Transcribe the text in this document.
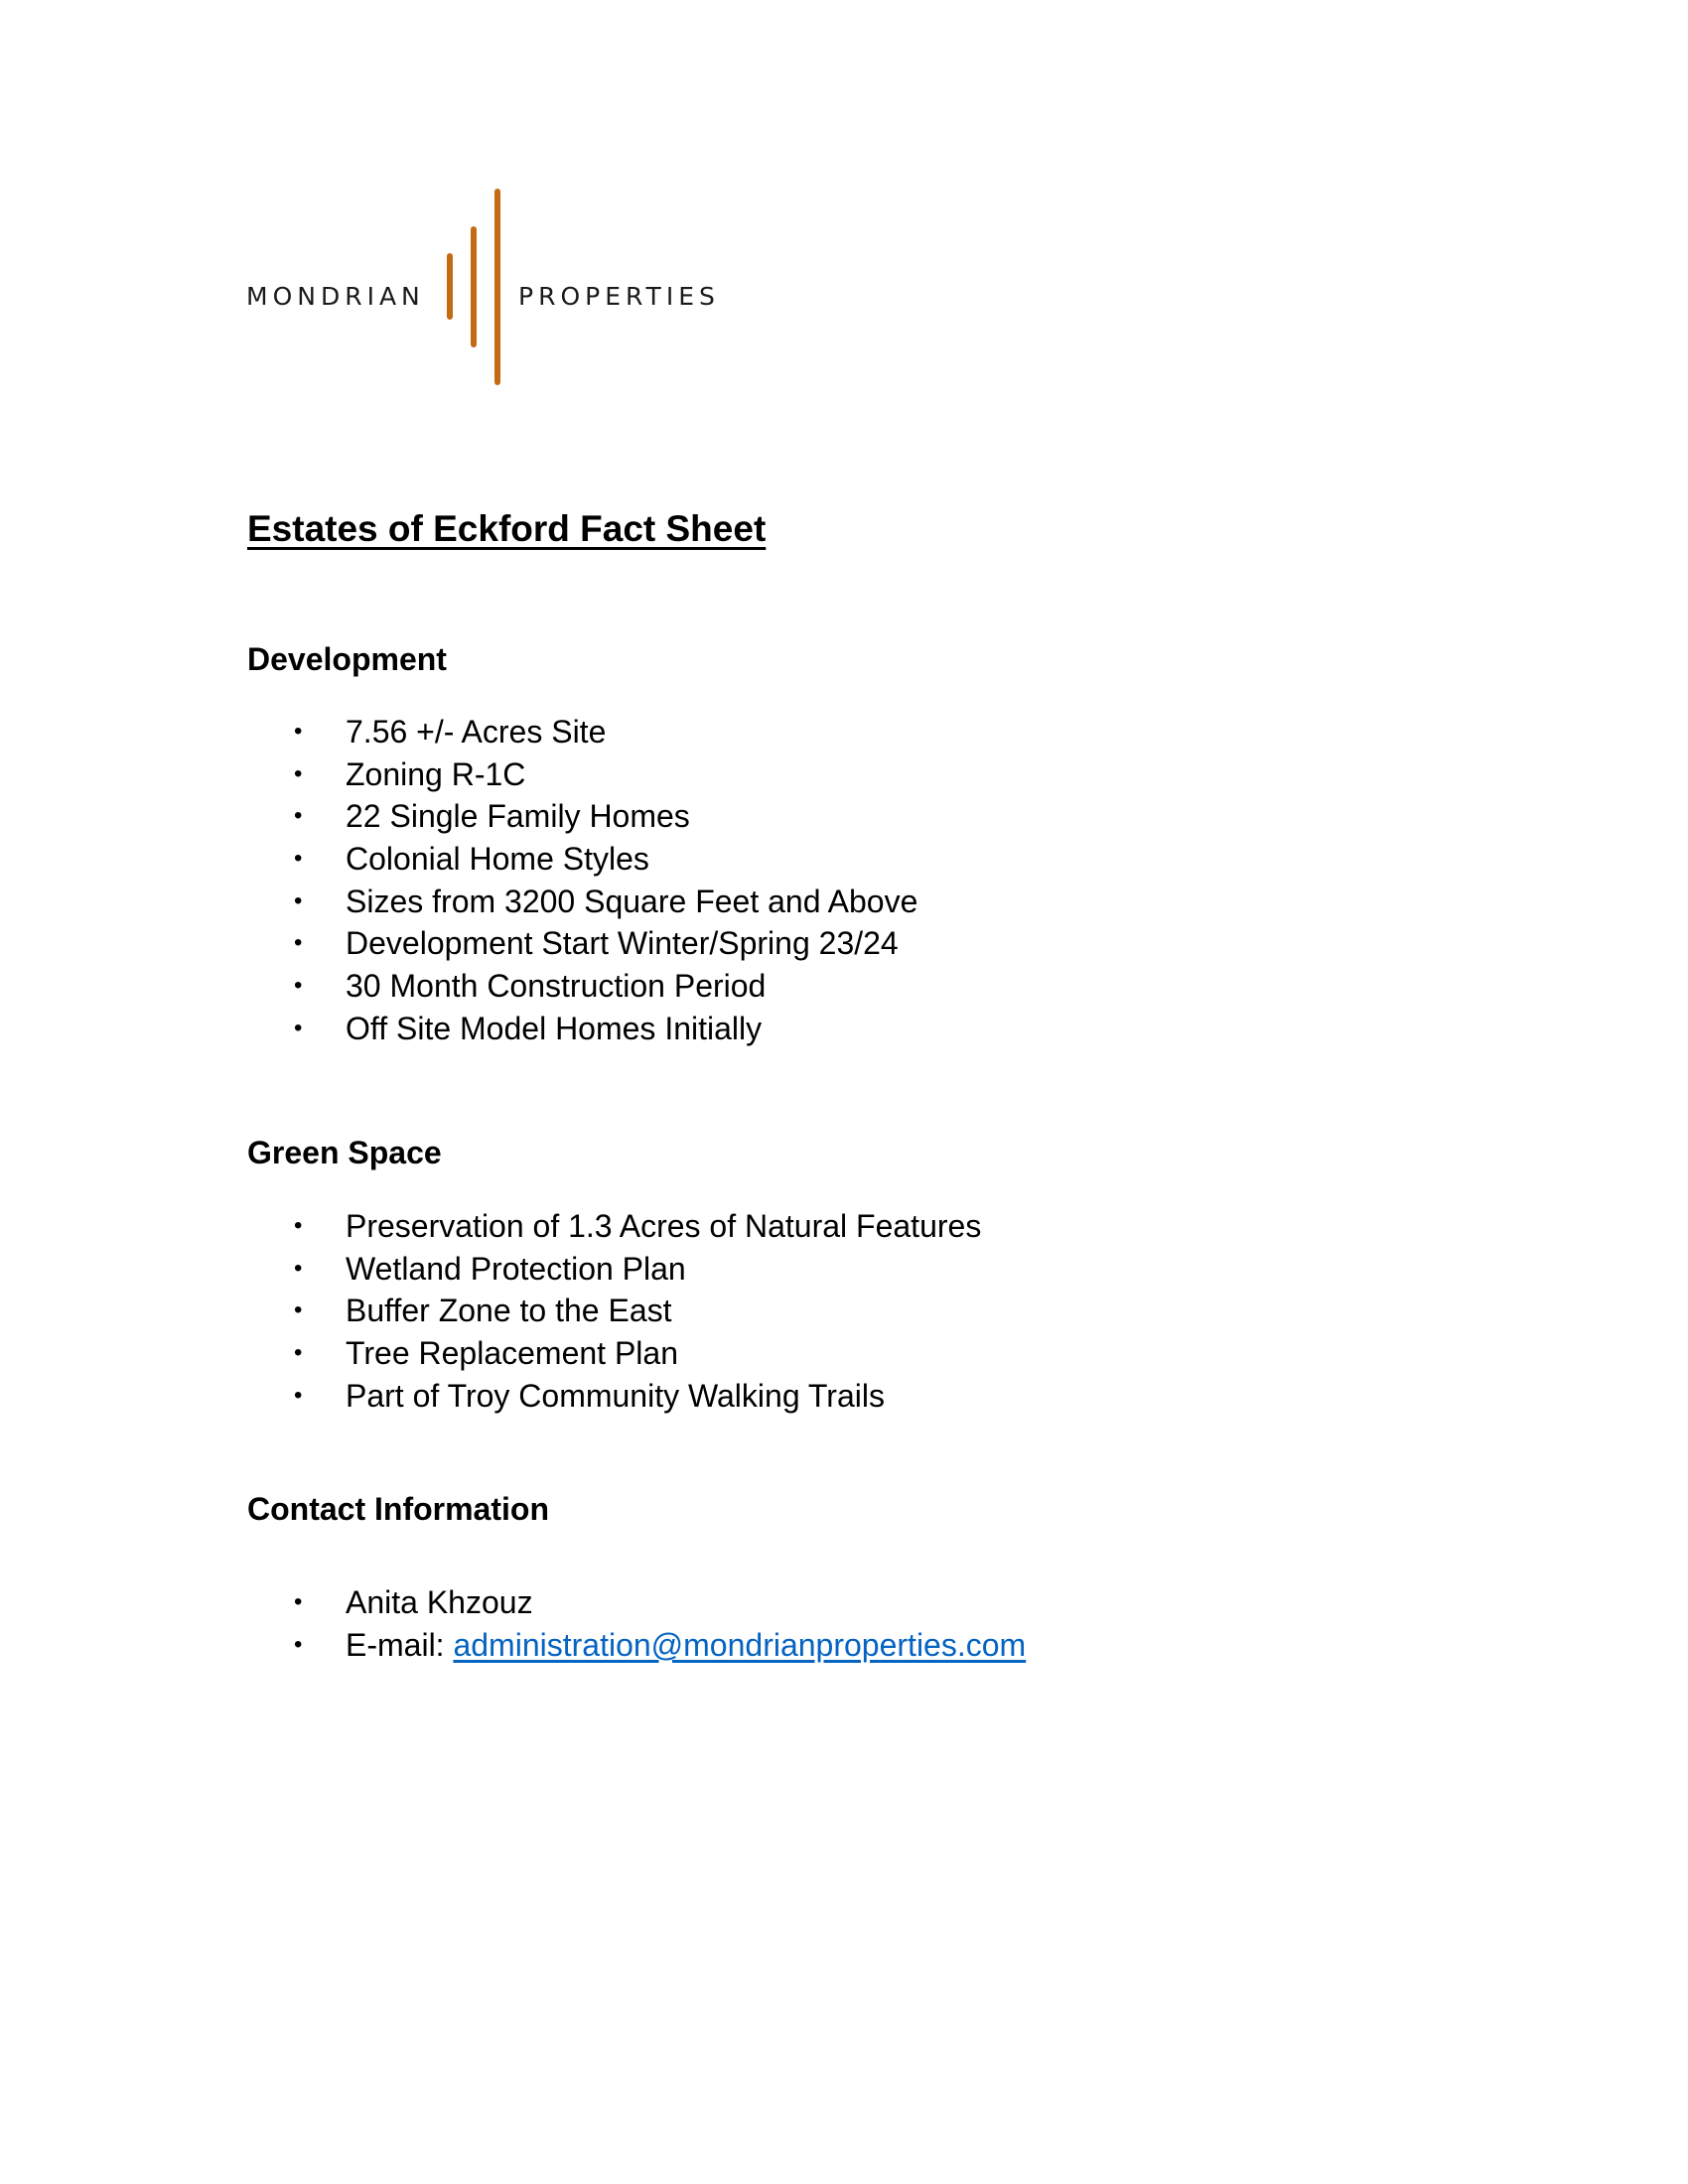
MONDRIAN	PROPERTIES
Estates of Eckford Fact Sheet
Development
• 7.56 +/- Acres Site
• Zoning R-1C
• 22 Single Family Homes
• Colonial Home Styles
• Sizes from 3200 Square Feet and Above
• Development Start Winter/Spring 23/24
• 30 Month Construction Period
• Off Site Model Homes Initially
Green Space
• Preservation of 1.3 Acres of Natural Features
• Wetland Protection Plan
• Buffer Zone to the East
• Tree Replacement Plan
• Part of Troy Community Walking Trails
Contact Information
• Anita Khzouz
• E-mail: administration@mondrianproperties.com
